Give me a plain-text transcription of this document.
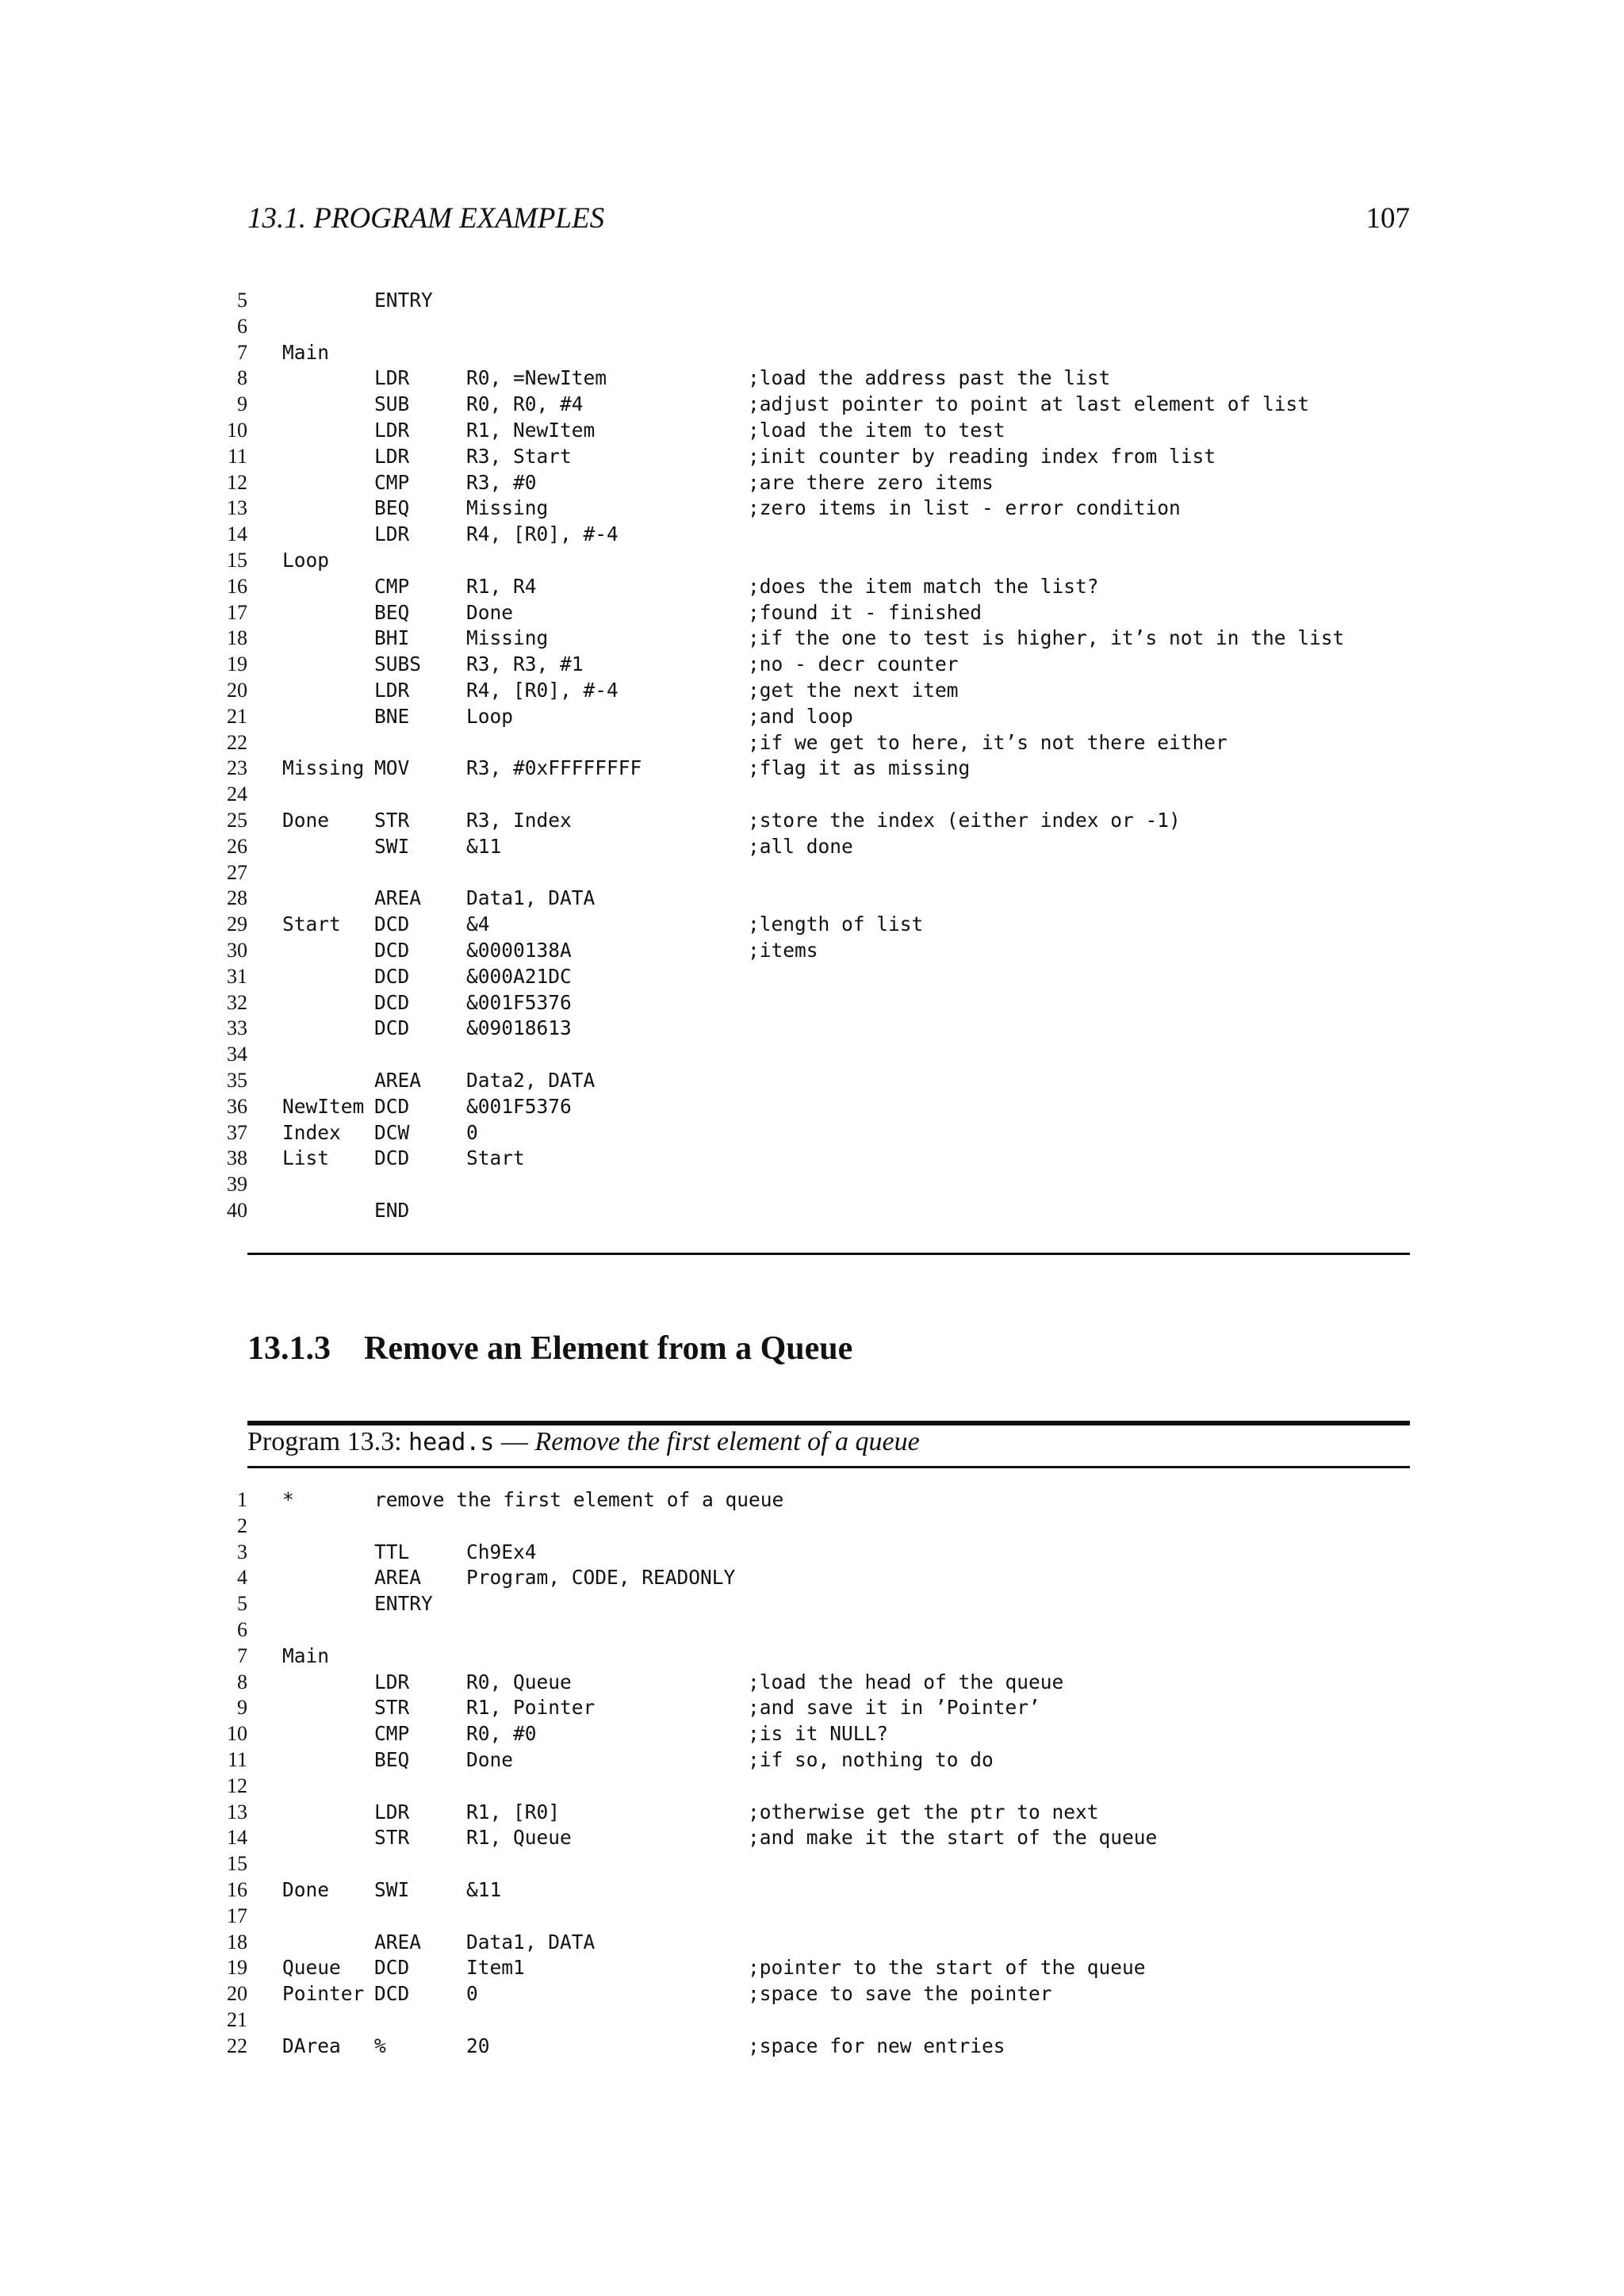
13.1. PROGRAM EXAMPLES	107
5	ENTRY
6
7 Main
8	LDR	R0, =NewItem	;load the address past the list
9	SUB	R0, R0, #4	;adjust pointer to point at last element of list
10	LDR	R1, NewItem	;load the item to test
11	LDR	R3, Start	;init counter by reading index from list
12	CMP	R3, #0	;are there zero items
13	BEQ	Missing	;zero items in list - error condition
14	LDR	R4, [R0], #-4
15 Loop
16	CMP	R1, R4	;does the item match the list?
17	BEQ	Done	;found it - finished
18	BHI	Missing	;if the one to test is higher, it’s not in the list
19	SUBS R3, R3, #1	;no - decr counter
20	LDR	R4, [R0], #-4	;get the next item
21	BNE	Loop	;and loop
22	;if we get to here, it’s not there either
23 Missing MOV	R3, #0xFFFFFFFF	;flag it as missing
24
25 Done STR	R3, Index	;store the index (either index or -1)
26	SWI	&11	;all done
27
28	AREA Data1, DATA
29 Start DCD	&4	;length of list
30	DCD	&0000138A	;items
31	DCD	&000A21DC
32	DCD	&001F5376
33	DCD	&09018613
34
35	AREA Data2, DATA
36 NewItem DCD	&001F5376
37 Index DCW	0
38 List DCD	Start
39
40	END
13.1.3 Remove an Element from a Queue
Program 13.3: head.s — Remove the first element of a queue
1 *	remove the first element of a queue
2
3	TTL	Ch9Ex4
4	AREA Program, CODE, READONLY
5	ENTRY
6
7 Main
8	LDR	R0, Queue	;load the head of the queue
9	STR	R1, Pointer	;and save it in ’Pointer’
10	CMP	R0, #0	;is it NULL?
11	BEQ	Done	;if so, nothing to do
12
13	LDR	R1, [R0]	;otherwise get the ptr to next
14	STR	R1, Queue	;and make it the start of the queue
15
16 Done SWI	&11
17
18	AREA Data1, DATA
19 Queue DCD	Item1	;pointer to the start of the queue
20 Pointer DCD	0	;space to save the pointer
21
22 DArea %	20	;space for new entries
